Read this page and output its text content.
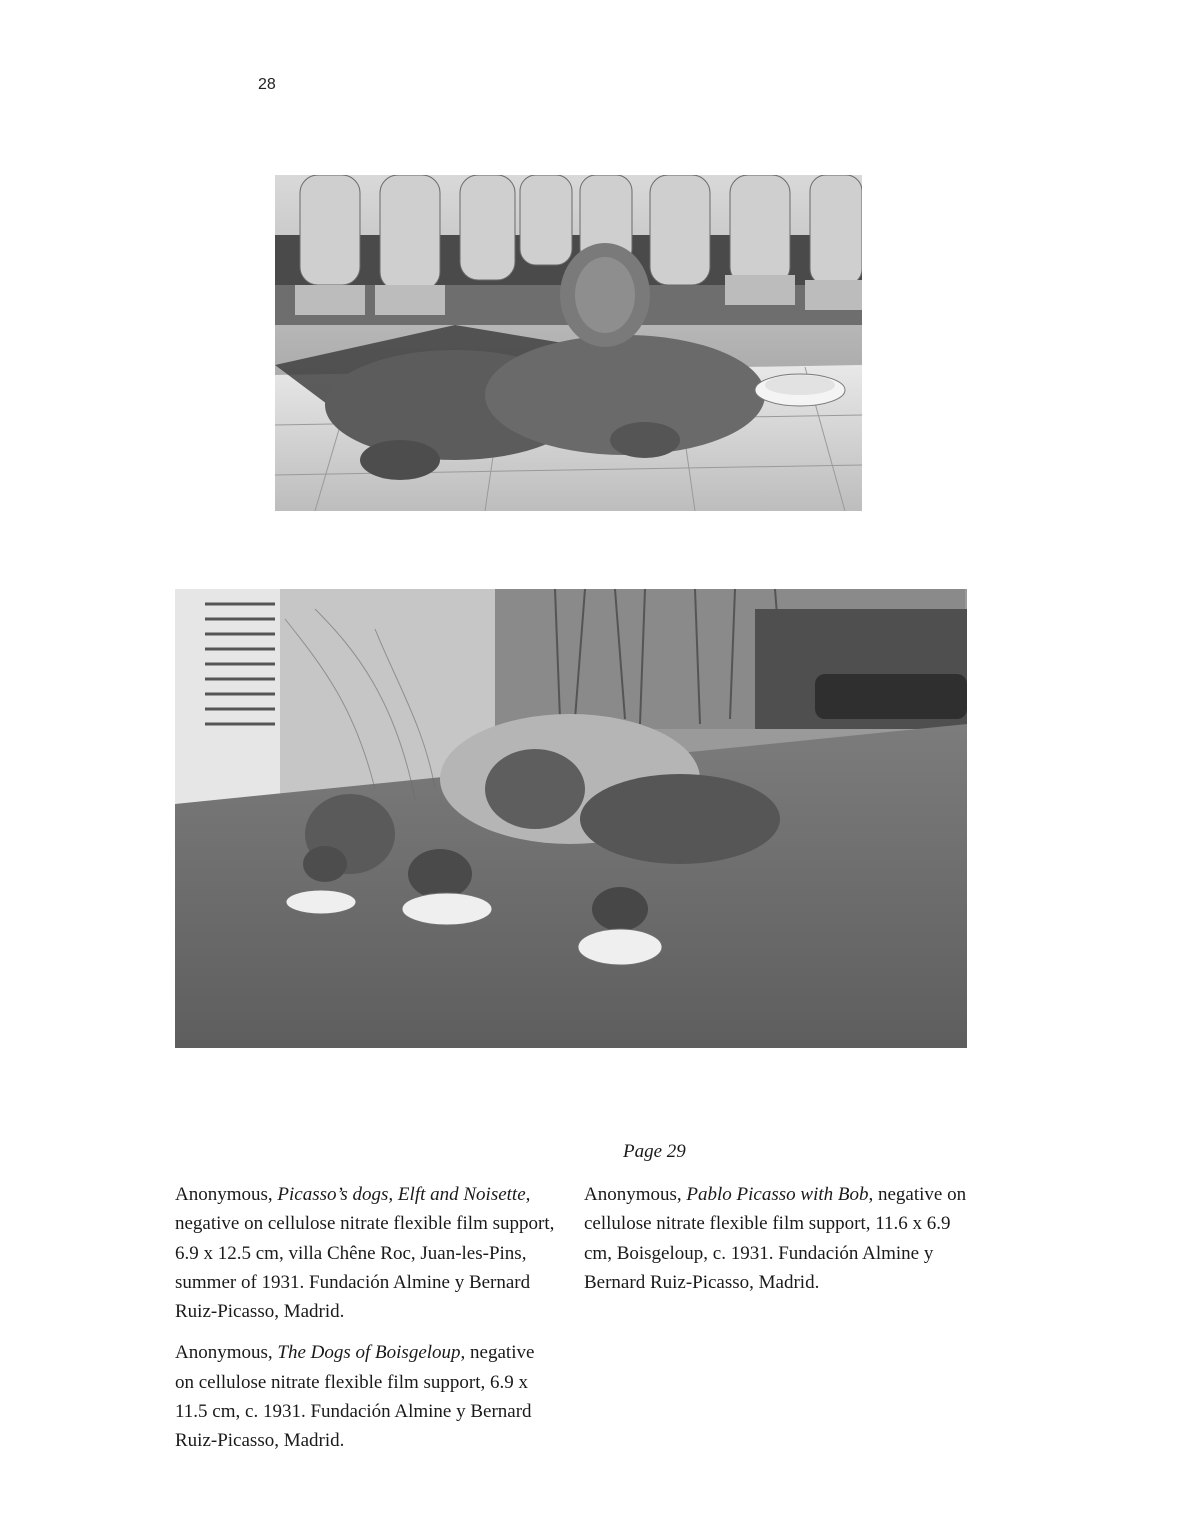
28
Page 29

Anonymous, Picasso’s dogs, Elft and Noisette, negative on cellulose nitrate flexible film support, 6.9 x 12.5 cm, villa Chêne Roc, Juan-les-Pins, summer of 1931. Fundación Almine y Bernard Ruiz-Picasso, Madrid.

Anonymous, The Dogs of Boisgeloup, negative on cellulose nitrate flexible film support, 6.9 x 11.5 cm, c. 1931. Fundación Almine y Bernard Ruiz-Picasso, Madrid.

Anonymous, Pablo Picasso with Bob, negative on cellulose nitrate flexible film support, 11.6 x 6.9 cm, Boisgeloup, c. 1931. Fundación Almine y Bernard Ruiz-Picasso, Madrid.
